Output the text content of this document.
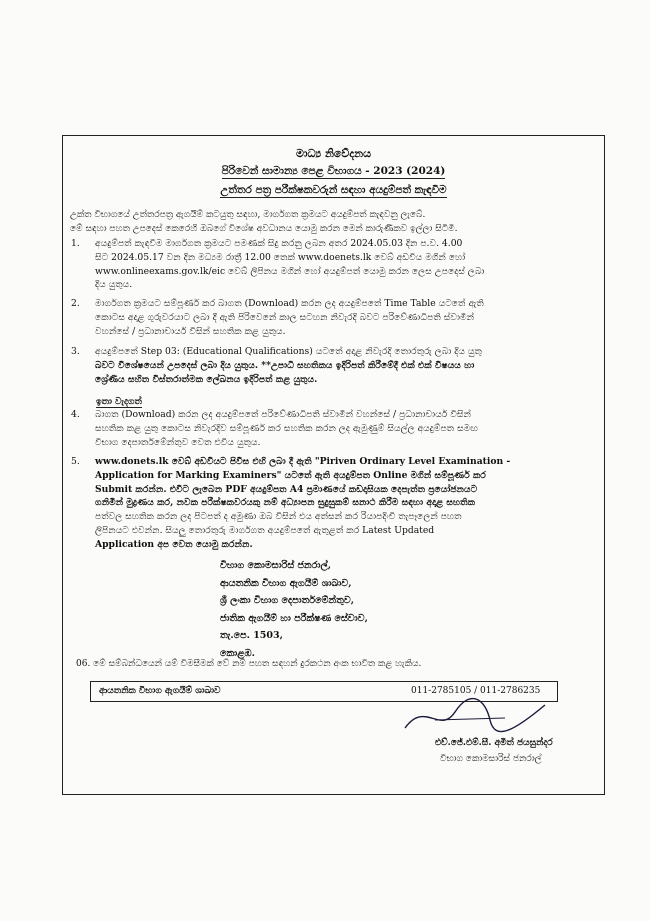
මාධ්‍ය නිවේදනය
පිරිවෙන් සාමාන්‍ය පෙළ විභාගය - 2023 (2024)
උත්තර පත්‍ර පරීක්ෂකවරුන් සඳහා අයදුම්පත් කැඳවීම
උක්ත විභාගයේ උත්තරපත්‍ර ඇගයීම් කටයුතු සඳහා, මාර්ගගත ක්‍රමයට අයදුම්පත් කැඳවනු ලැබේ.
මේ සඳහා පහත උපදෙස් කෙරෙහි ඔබගේ විශේෂ අවධානය යොමු කරන මෙන් කාරුණිකව ඉල්ලා සිටිමි.
1. අයදුම්පත් කැඳවීම මාර්ගගත ක්‍රමයට පමණක් සිදු කරනු ලබන අතර 2024.05.03 දින ප.ව. 4.00
සිට 2024.05.17 වන දින මධ්‍යම රාත්‍රී 12.00 තෙක් www.doenets.lk වෙබ් අඩවිය මගින් හෝ
www.onlineexams.gov.lk/eic වෙබ් ලිපිනය මගින් හෝ අයදුම්පත් යොමු කරන ලෙස උපදෙස් ලබා
දිය යුතුය.
2. මාර්ගගත ක්‍රමයට සම්පූර්ණ කර බාගත (Download) කරන ලද අයදුම්පතේ Time Table යටතේ ඇති
කොටස අදාළ ගුරුවරයාට ලබා දී ඇති පිරිවෙනේ කාල සටහන නිවැරදි බවට පරිවේණාධිපති ස්වාමීන්
වහන්සේ / ප්‍රධානාචාර්ය විසින් සහතික කළ යුතුය.
3. අයදුම්පතේ Step 03: (Educational Qualifications) යටතේ අදාළ නිවැරදි තොරතුරු ලබා දිය යුතු
බවට විශේෂයෙන් උපදෙස් ලබා දිය යුතුය. **උපාධි සහතිකය ඉදිරිපත් කිරීමේදී එක් එක් විෂයය හා
ශ්‍රේණිය සහිත විස්තරාත්මක ලේඛනය ඉදිරිපත් කළ යුතුය.
ඉතා වැදගත්
4. බාගත (Download) කරන ලද අයදුම්පතේ පරිවේණාධිපති ස්වාමීන් වහන්සේ / ප්‍රධානාචාර්ය විසින්
සහතික කළ යුතු කොටස නිවැරදිව සම්පූර්ණ කර සහතික කරන ලද ඇමුණුම් සියල්ල අයදුම්පත සමඟ
විභාග දෙපාර්තමේන්තුව වෙත එවිය යුතුය.
5. www.donets.lk වෙබ් අඩවියට පිවිස එහි ලබා දී ඇති "Piriven Ordinary Level Examination -
Application for Marking Examiners" යටතේ ඇති අයදුම්පත Online මගින් සම්පූර්ණ කර
Submit කරන්න. එවිට ලැබෙන PDF අයදුම්පත A4 ප්‍රමාණයේ කඩදාසියක දෙපැත්ත ප්‍රයෝජනයට
ගනිමින් මුද්‍රණය කර, නවක පරීක්ෂකවරයකු නම් අධ්‍යාපන සුදුසුකම් සනාථ කිරීම සඳහා අදාළ සහතික
පත්වල සහතික කරන ලද පිටපත් ද අමුණා ඔබ විසින් එය අත්සන් කර රියාපදිංචි තැපෑලෙන් පහත
ලිපිනයට එවන්න. සියලු තොරතුරු මාර්ගගත අයදුම්පතේ ඇතුළත් කර Latest Updated
Application අප වෙත යොමු කරන්න.
විභාග කොමසාරිස් ජනරාල්,
ආයතනික විභාග ඇගයීම් ශාඛාව,
ශ්‍රී ලංකා විභාග දෙපාර්තමේන්තුව,
ජාතික ඇගයීම් හා පරීක්ෂණ සේවාව,
තැ.පෙ. 1503,
කොළඹ.
06. මේ සම්බන්ධයෙන් යම් විමසීමක් වේ නම් පහත සඳහන් දුරකථන අංක භාවිත කළ හැකිය.
ආයතනික විභාග ඇගයීම් ශාඛාව	011-2785105 / 011-2786235
එච්.ජේ.එම්.සී. අමිත් ජයසුන්දර
විභාග කොමසාරිස් ජනරාල්
